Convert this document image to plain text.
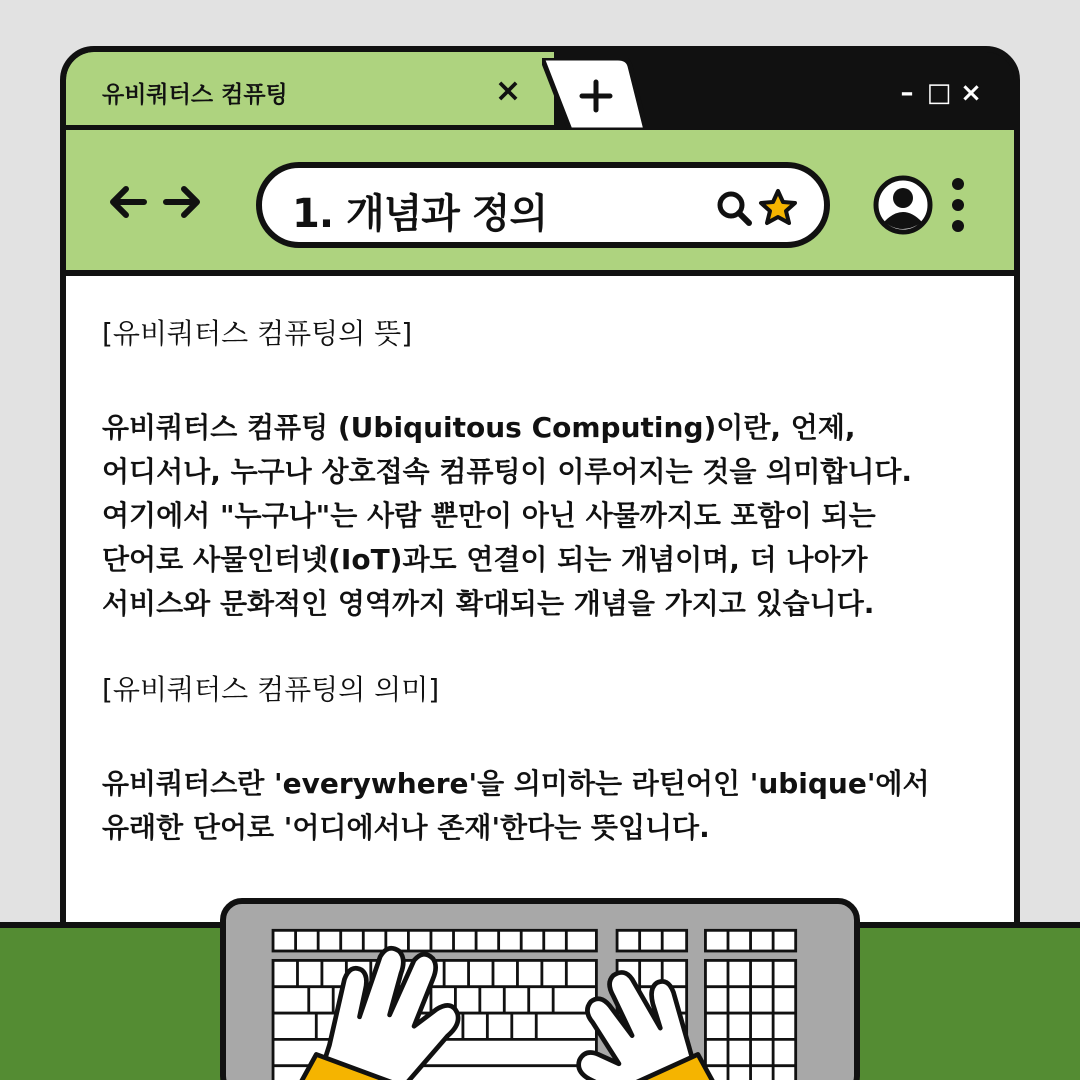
유비쿼터스 컴퓨팅	×	– □ ×
1. 개념과 정의

[유비쿼터스 컴퓨팅의 뜻]

유비쿼터스 컴퓨팅 (Ubiquitous Computing)이란, 언제,

어디서나, 누구나 상호접속 컴퓨팅이 이루어지는 것을 의미합니다.

여기에서 "누구나"는 사람 뿐만이 아닌 사물까지도 포함이 되는

단어로 사물인터넷(IoT)과도 연결이 되는 개념이며, 더 나아가

서비스와 문화적인 영역까지 확대되는 개념을 가지고 있습니다.

[유비쿼터스 컴퓨팅의 의미]

유비쿼터스란 'everywhere'을 의미하는 라틴어인 'ubique'에서

유래한 단어로 '어디에서나 존재'한다는 뜻입니다.
